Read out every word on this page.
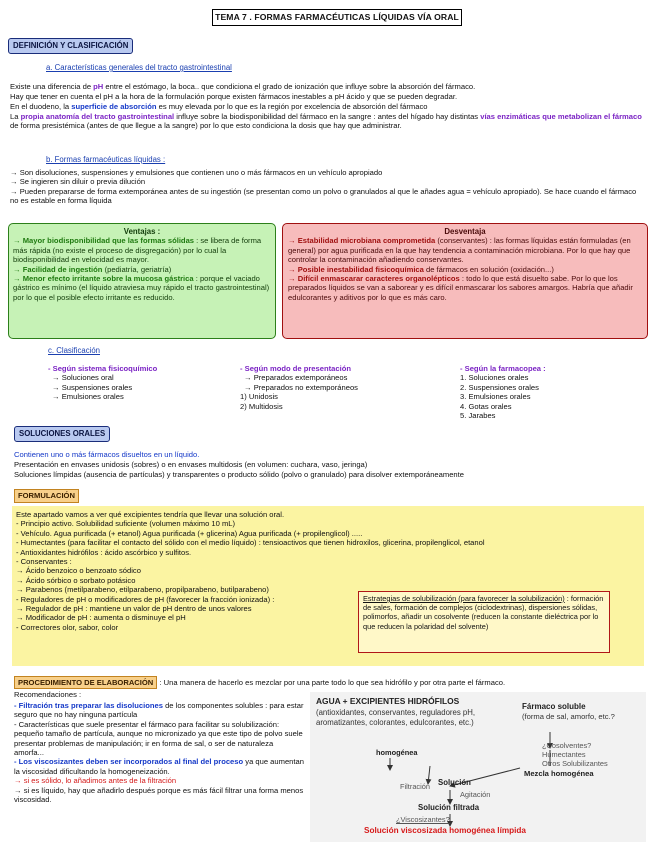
TEMA 7 . FORMAS FARMACÉUTICAS LÍQUIDAS VÍA ORAL
DEFINICIÓN Y CLASIFICACIÓN
a. Características generales del tracto gastrointestinal
Existe una diferencia de pH entre el estómago, la boca.. que condiciona el grado de ionización que influye sobre la absorción del fármaco.
Hay que tener en cuenta el pH a la hora de la formulación porque existen fármacos inestables a pH ácido y que se pueden degradar.
En el duodeno, la superficie de absorción es muy elevada por lo que es la región por excelencia de absorción del fármaco
La propia anatomía del tracto gastrointestinal influye sobre la biodisponibilidad del fármaco en la sangre : antes del hígado hay distintas vías enzimáticas que metabolizan el fármaco de forma presistémica (antes de que llegue a la sangre) por lo que esto condiciona la dosis que hay que administrar.
b. Formas farmacéuticas líquidas :
→ Son disoluciones, suspensiones y emulsiones que contienen uno o más fármacos en un vehículo apropiado
→ Se ingieren sin diluir o previa dilución
→ Pueden prepararse de forma extemporánea antes de su ingestión (se presentan como un polvo o granulados al que le añades agua = vehículo apropiado). Se hace cuando el fármaco no es estable en forma líquida
Ventajas :
→ Mayor biodisponibilidad que las formas sólidas : se libera de forma más rápida (no existe el proceso de disgregación) por lo cual la biodisponibilidad en velocidad es mayor.
→ Facilidad de ingestión (pediatría, geriatría)
→ Menor efecto irritante sobre la mucosa gástrica : porque el vaciado gástrico es mínimo (el líquido atraviesa muy rápido el tracto gastrointestinal) por lo que el posible efecto irritante es reducido.
Desventaja
→ Estabilidad microbiana comprometida (conservantes) : las formas líquidas están formuladas (en general) por agua purificada en la que hay tendencia a contaminación microbiana. Por lo que hay que controlar la contaminación añadiendo conservantes.
→ Posible inestabilidad fisicoquímica de fármacos en solución (oxidación...)
→ Difícil enmascarar caracteres organolépticos : todo lo que está disuelto sabe. Por lo que los preparados líquidos se van a saborear y es difícil enmascarar los sabores amargos. Habría que añadir edulcorantes y aditivos por lo que es más caro.
c. Clasificación
- Según sistema fisicoquímico
→ Soluciones oral
→ Suspensiones orales
→ Emulsiones orales
- Según modo de presentación
→ Preparados extemporáneos
→ Preparados no extemporáneos
1) Unidosis
2) Multidosis
- Según la farmacopea :
1. Soluciones orales
2. Suspensiones orales
3. Emulsiones orales
4. Gotas orales
5. Jarabes
SOLUCIONES ORALES
Contienen uno o más fármacos disueltos en un líquido.
Presentación en envases unidosis (sobres) o en envases multidosis (en volumen: cuchara, vaso, jeringa)
Soluciones límpidas (ausencia de partículas) y transparentes o producto sólido (polvo o granulado) para disolver extemporáneamente
FORMULACIÓN
Este apartado vamos a ver qué excipientes tendría que llevar una solución oral.
- Principio activo. Solubilidad suficiente (volumen máximo 10 mL)
- Vehículo. Agua purificada (+ etanol) Agua purificada (+ glicerina) Agua purificada (+ propilenglicol) .....
- Humectantes (para facilitar el contacto del sólido con el medio líquido) : tensioactivos que tienen hidroxilos, glicerina, propilenglicol, etanol
- Antioxidantes hidrófilos : ácido ascórbico y sulfitos.
- Conservantes :
→ Ácido benzoico o benzoato sódico
→ Ácido sórbico o sorbato potásico
→ Parabenos (metilparabeno, etilparabeno, propilparabeno, butilparabeno)
- Reguladores de pH o modificadores de pH (favorecer la fracción ionizada) :
→ Regulador de pH : mantiene un valor de pH dentro de unos valores
→ Modificador de pH : aumenta o disminuye el pH
- Correctores olor, sabor, color
Estrategias de solubilización (para favorecer la solubilización) : formación de sales, formación de complejos (ciclodextrinas), dispersiones sólidas, polimorfos, añadir un cosolvente (reducen la constante dieléctrica por lo que reducen la polaridad del solvente)
PROCEDIMIENTO DE ELABORACIÓN : Una manera de hacerlo es mezclar por una parte todo lo que sea hidrófilo y por otra parte el fármaco.
Recomendaciones :
- Filtración tras preparar las disoluciones de los componentes solubles : para estar seguro que no hay ninguna partícula
- Características que suele presentar el fármaco para facilitar su solubilización: pequeño tamaño de partícula, aunque no micronizado ya que este tipo de polvo suele presentar problemas de manipulación; ir en forma de sal, o ser de naturaleza amorfa...
- Los viscosizantes deben ser incorporados al final del proceso ya que aumentan la viscosidad dificultando la homogeneización.
→ si es sólido, lo añadimos antes de la filtración
→ si es líquido, hay que añadirlo después porque es más fácil filtrar una forma menos viscosidad.
AGUA + EXCIPIENTES HIDRÓFILOS
(antioxidantes, conservantes, reguladores pH, aromatizantes, colorantes, edulcorantes, etc.)
Fármaco soluble
(forma de sal, amorfo, etc.?
¿Cosolventes?
Humectantes
Otros Solubilizantes
homogénea
Mezcla homogénea
Filtración Solución
Agitación
Solución filtrada
¿Viscosizantes?
Solución viscosizada homogénea límpida
